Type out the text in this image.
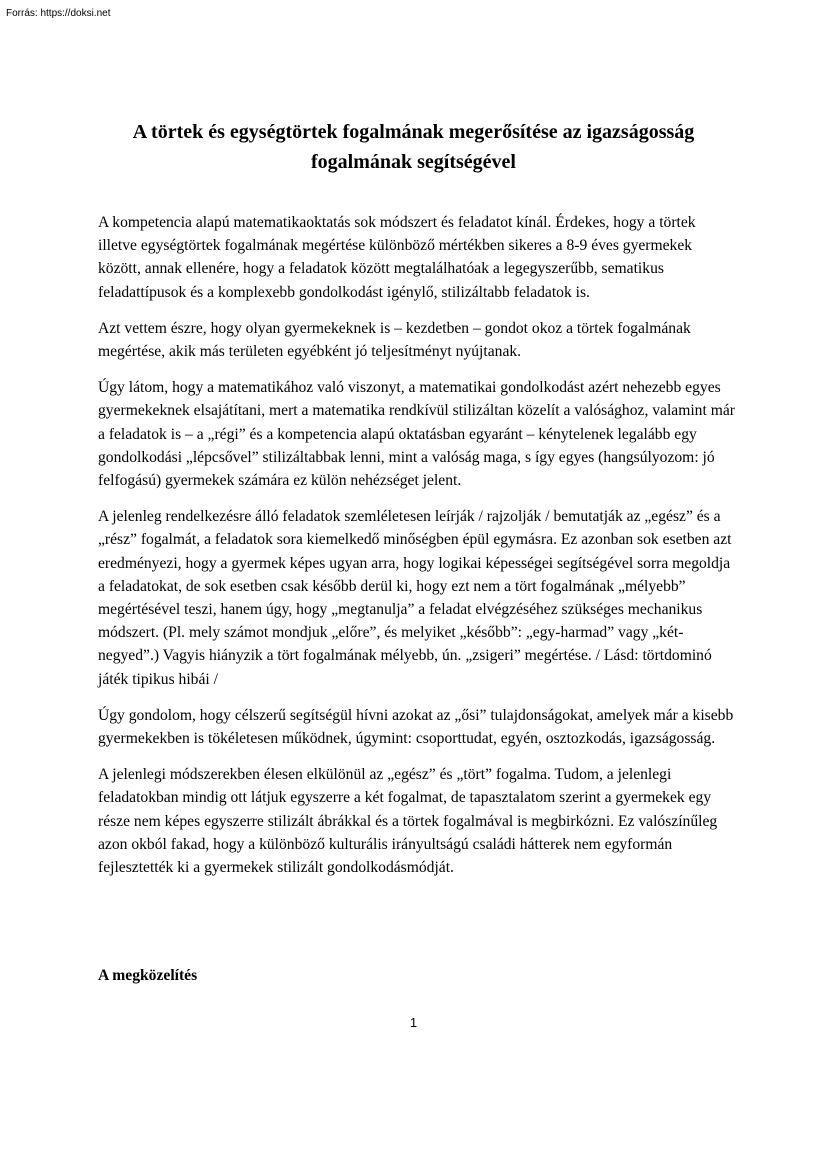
Forrás: https://doksi.net
A törtek és egységtörtek fogalmának megerősítése az igazságosság fogalmának segítségével

A kompetencia alapú matematikaoktatás sok módszert és feladatot kínál. Érdekes, hogy a törtek illetve egységtörtek fogalmának megértése különböző mértékben sikeres a 8-9 éves gyermekek között, annak ellenére, hogy a feladatok között megtalálhatóak a legegyszerűbb, sematikus feladattípusok és a komplexebb gondolkodást igénylő, stilizáltabb feladatok is.

Azt vettem észre, hogy olyan gyermekeknek is – kezdetben – gondot okoz a törtek fogalmának megértése, akik más területen egyébként jó teljesítményt nyújtanak.

Úgy látom, hogy a matematikához való viszonyt, a matematikai gondolkodást azért nehezebb egyes gyermekeknek elsajátítani, mert a matematika rendkívül stilizáltan közelít a valósághoz, valamint már a feladatok is – a „régi” és a kompetencia alapú oktatásban egyaránt – kénytelenek legalább egy gondolkodási „lépcsővel” stilizáltabbak lenni, mint a valóság maga, s így egyes (hangsúlyozom: jó felfogású) gyermekek számára ez külön nehézséget jelent.

A jelenleg rendelkezésre álló feladatok szemléletesen leírják / rajzolják / bemutatják az „egész” és a „rész” fogalmát, a feladatok sora kiemelkedő minőségben épül egymásra. Ez azonban sok esetben azt eredményezi, hogy a gyermek képes ugyan arra, hogy logikai képességei segítségével sorra megoldja a feladatokat, de sok esetben csak később derül ki, hogy ezt nem a tört fogalmának „mélyebb” megértésével teszi, hanem úgy, hogy „megtanulja” a feladat elvégzéséhez szükséges mechanikus módszert. (Pl. mely számot mondjuk „előre”, és melyiket „később”: „egy-harmad” vagy „két-negyed”.) Vagyis hiányzik a tört fogalmának mélyebb, ún. „zsigeri” megértése. / Lásd: törtdominó játék tipikus hibái /

Úgy gondolom, hogy célszerű segítségül hívni azokat az „ősi” tulajdonságokat, amelyek már a kisebb gyermekekben is tökéletesen működnek, úgymint: csoporttudat, egyén, osztozkodás, igazságosság.

A jelenlegi módszerekben élesen elkülönül az „egész” és „tört” fogalma. Tudom, a jelenlegi feladatokban mindig ott látjuk egyszerre a két fogalmat, de tapasztalatom szerint a gyermekek egy része nem képes egyszerre stilizált ábrákkal és a törtek fogalmával is megbirkózni. Ez valószínűleg azon okból fakad, hogy a különböző kulturális irányultságú családi hátterek nem egyformán fejlesztették ki a gyermekek stilizált gondolkodásmódját.

A megközelítés
1
